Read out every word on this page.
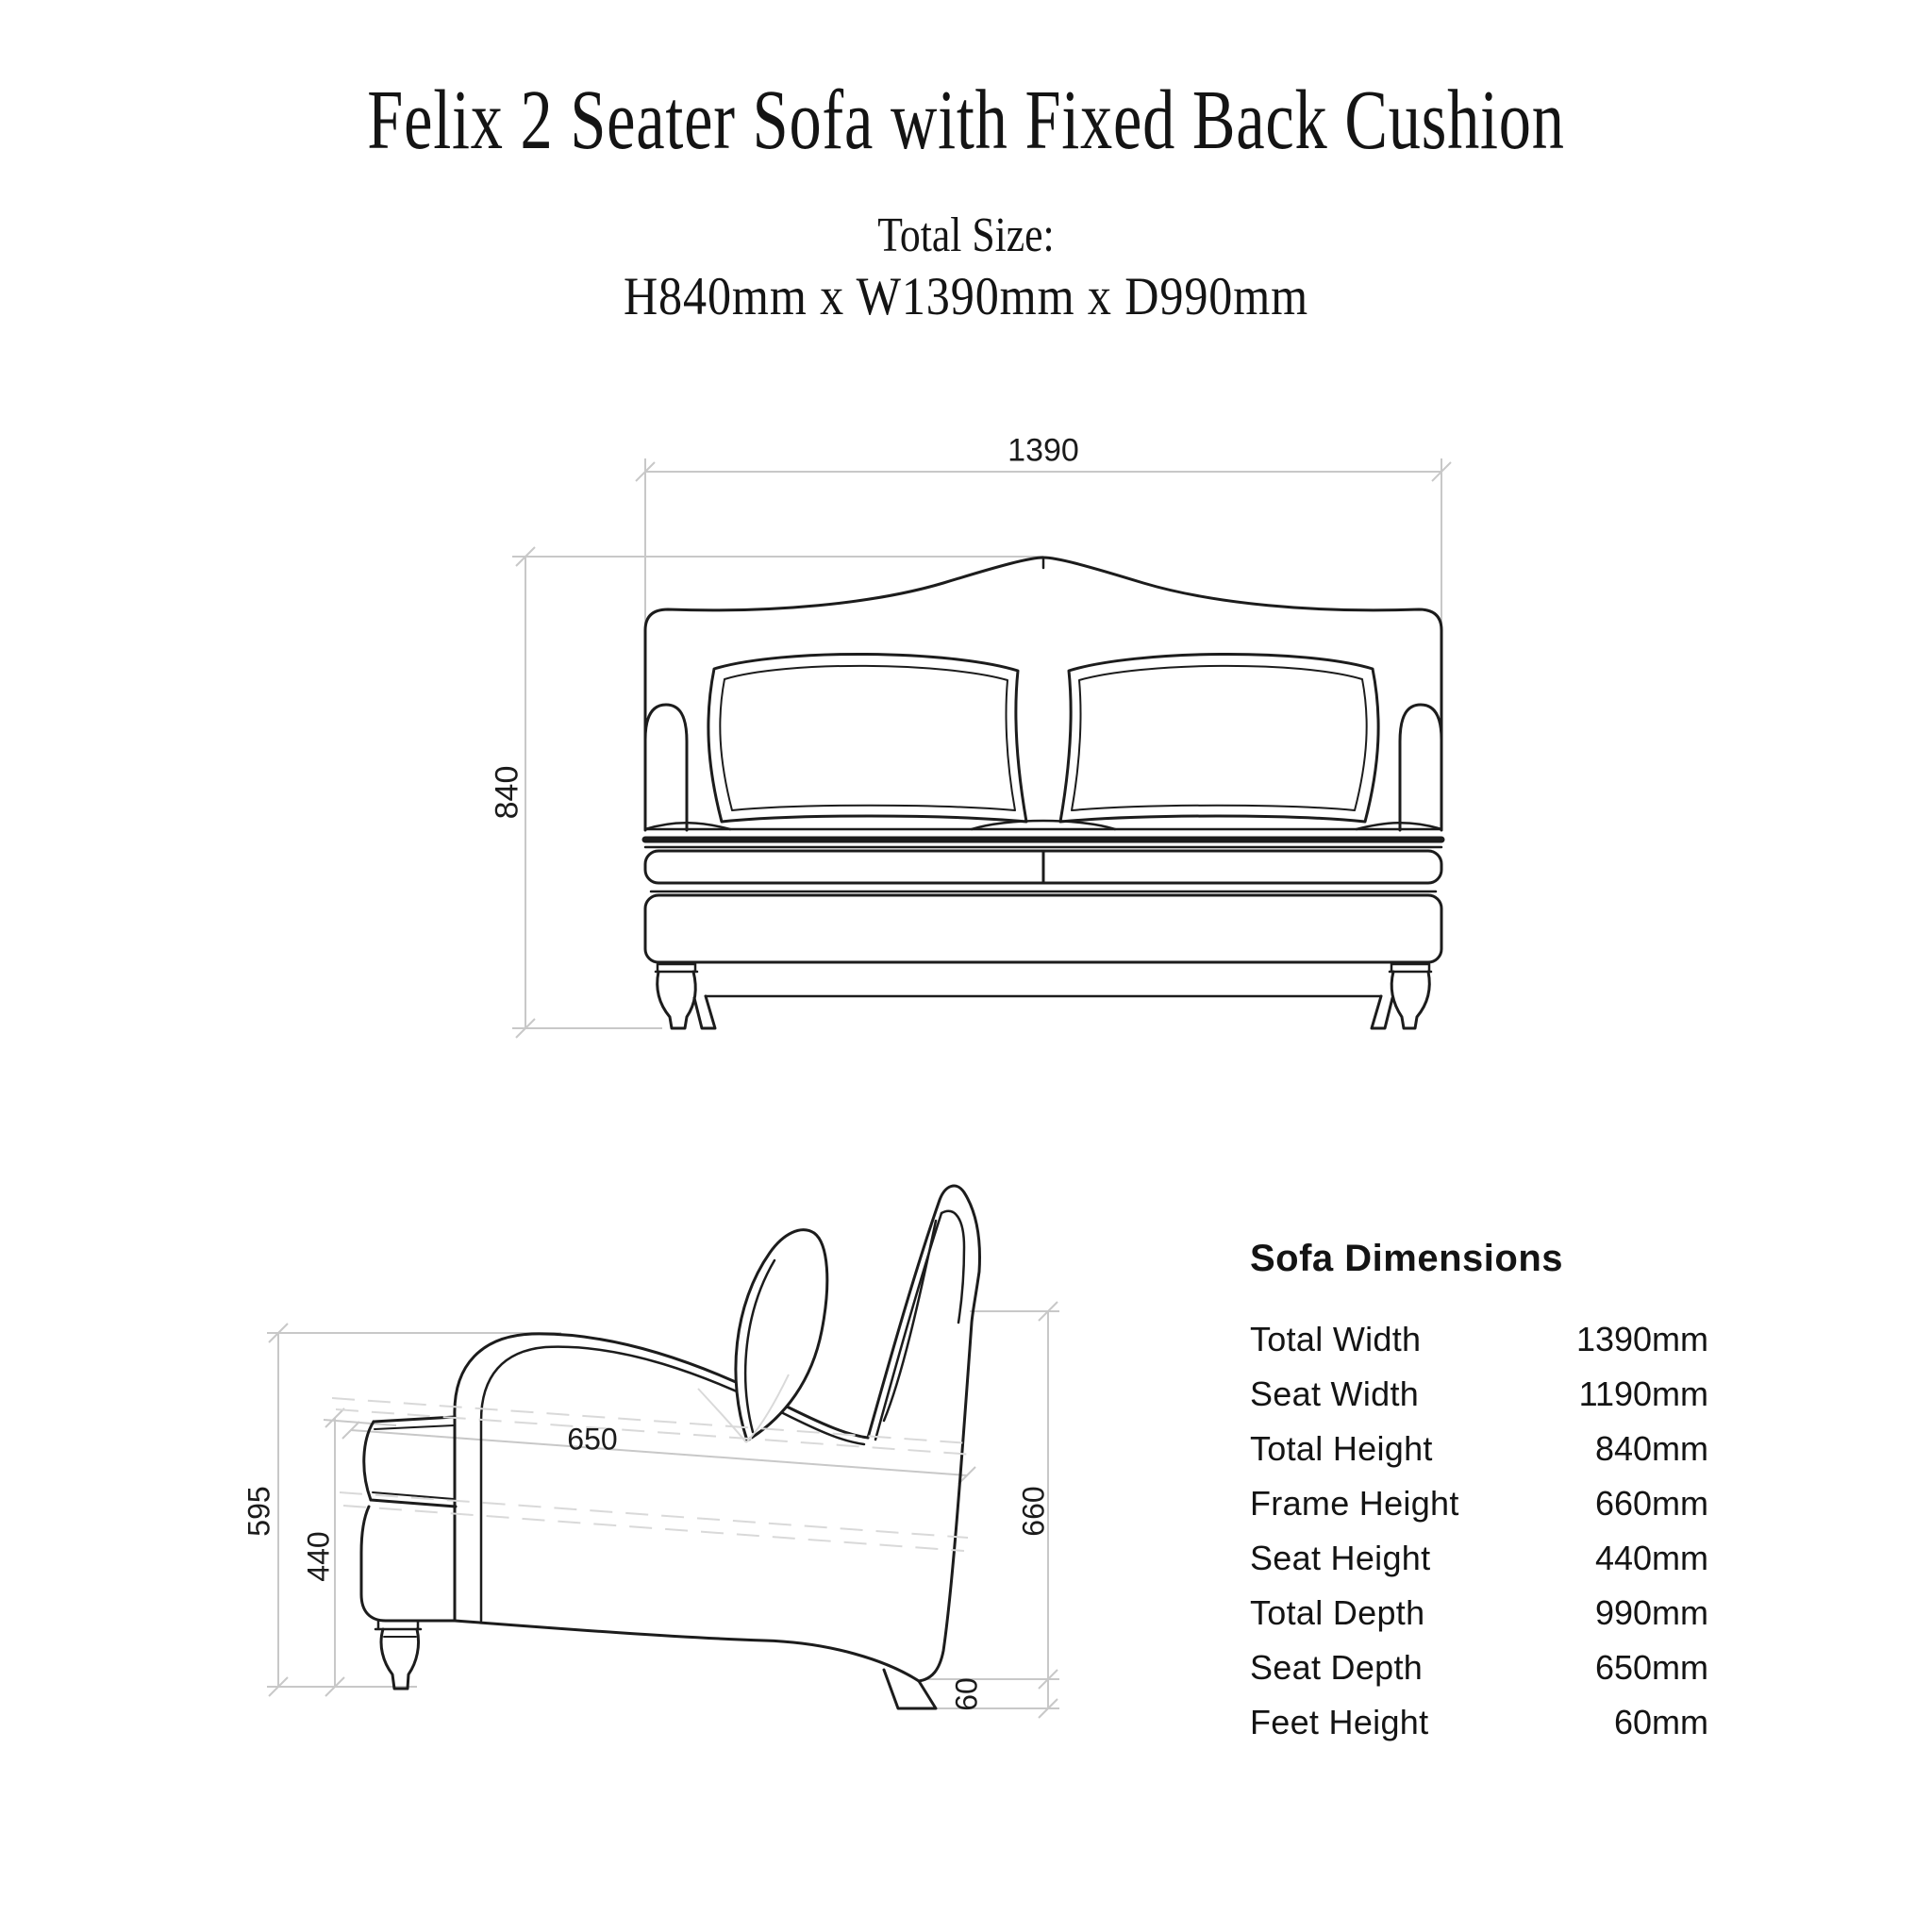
Felix 2 Seater Sofa with Fixed Back Cushion
Total Size:
H840mm x W1390mm x D990mm
1390
840
595
440
650
660
60
Sofa Dimensions
Total Width	1390mm
Seat Width	1190mm
Total Height	840mm
Frame Height	660mm
Seat Height	440mm
Total Depth	990mm
Seat Depth	650mm
Feet Height	60mm
